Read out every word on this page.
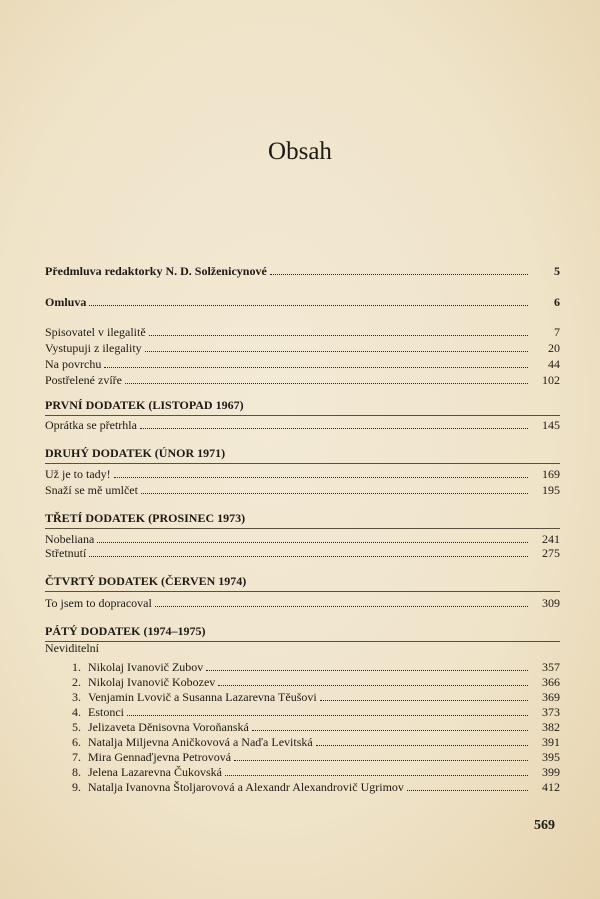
Obsah
Předmluva redaktorky N. D. Solženicynové	5
Omluva	6
Spisovatel v ilegalitě	7
Vystupuji z ilegality	20
Na povrchu	44
Postřelené zvíře	102
PRVNÍ DODATEK (LISTOPAD 1967)
Oprátka se přetrhla	145
DRUHÝ DODATEK (ÚNOR 1971)
Už je to tady!	169
Snaží se mě umlčet	195
TŘETÍ DODATEK (PROSINEC 1973)
Nobeliana	241
Střetnutí	275
ČTVRTÝ DODATEK (ČERVEN 1974)
To jsem to dopracoval	309
PÁTÝ DODATEK (1974–1975)
Neviditelní
1. Nikolaj Ivanovič Zubov	357
2. Nikolaj Ivanovič Kobozev	366
3. Venjamin Lvovič a Susanna Lazarevna Těušovi	369
4. Estonci	373
5. Jelizaveta Děnisovna Voroňanská	382
6. Natalja Miljevna Aničkovová a Naďa Levitská	391
7. Mira Gennaďjevna Petrovová	395
8. Jelena Lazarevna Čukovská	399
9. Natalja Ivanovna Štoljarovová a Alexandr Alexandrovič Ugrimov	412
569
